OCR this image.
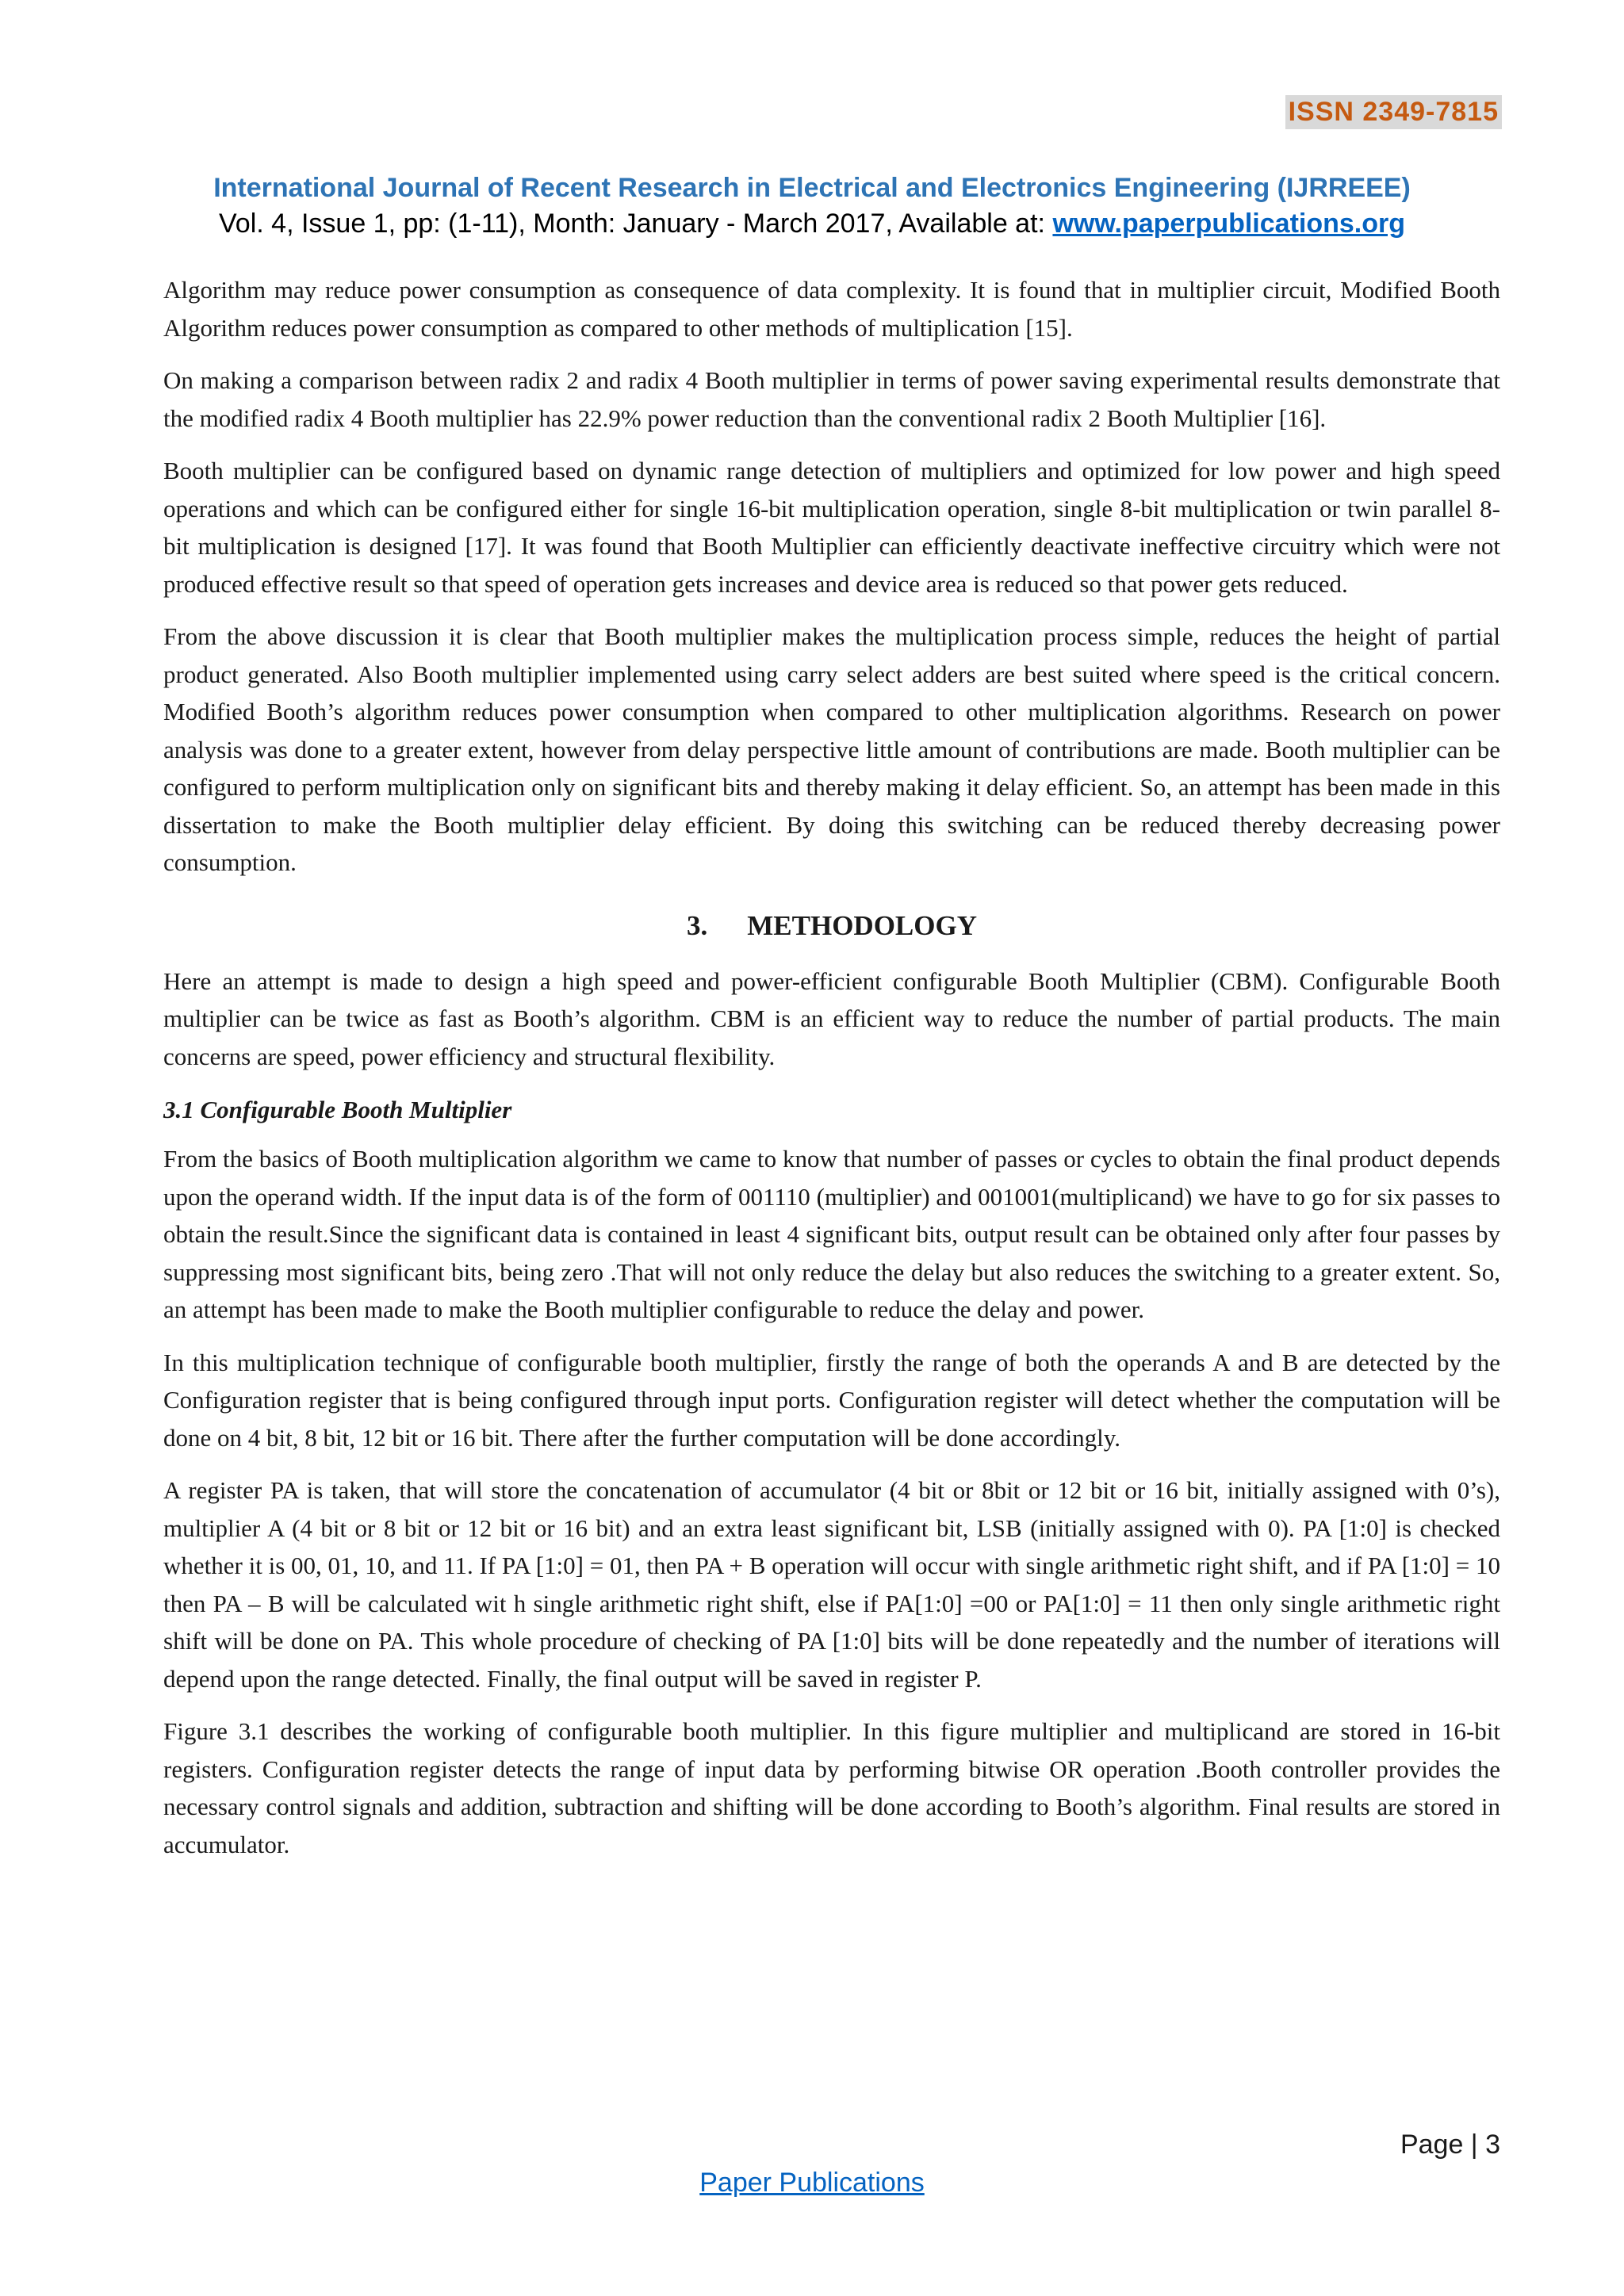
ISSN 2349-7815
International Journal of Recent Research in Electrical and Electronics Engineering (IJRREEE)
Vol. 4, Issue 1, pp: (1-11), Month: January - March 2017, Available at: www.paperpublications.org

Algorithm may reduce power consumption as consequence of data complexity. It is found that in multiplier circuit, Modified Booth Algorithm reduces power consumption as compared to other methods of multiplication [15].

On making a comparison between radix 2 and radix 4 Booth multiplier in terms of power saving experimental results demonstrate that the modified radix 4 Booth multiplier has 22.9% power reduction than the conventional radix 2 Booth Multiplier [16].

Booth multiplier can be configured based on dynamic range detection of multipliers and optimized for low power and high speed operations and which can be configured either for single 16-bit multiplication operation, single 8-bit multiplication or twin parallel 8-bit multiplication is designed [17]. It was found that Booth Multiplier can efficiently deactivate ineffective circuitry which were not produced effective result so that speed of operation gets increases and device area is reduced so that power gets reduced.

From the above discussion it is clear that Booth multiplier makes the multiplication process simple, reduces the height of partial product generated. Also Booth multiplier implemented using carry select adders are best suited where speed is the critical concern. Modified Booth’s algorithm reduces power consumption when compared to other multiplication algorithms. Research on power analysis was done to a greater extent, however from delay perspective little amount of contributions are made. Booth multiplier can be configured to perform multiplication only on significant bits and thereby making it delay efficient. So, an attempt has been made in this dissertation to make the Booth multiplier delay efficient. By doing this switching can be reduced thereby decreasing power consumption.

3. METHODOLOGY

Here an attempt is made to design a high speed and power-efficient configurable Booth Multiplier (CBM). Configurable Booth multiplier can be twice as fast as Booth’s algorithm. CBM is an efficient way to reduce the number of partial products. The main concerns are speed, power efficiency and structural flexibility.

3.1 Configurable Booth Multiplier

From the basics of Booth multiplication algorithm we came to know that number of passes or cycles to obtain the final product depends upon the operand width. If the input data is of the form of 001110 (multiplier) and 001001(multiplicand) we have to go for six passes to obtain the result.Since the significant data is contained in least 4 significant bits, output result can be obtained only after four passes by suppressing most significant bits, being zero .That will not only reduce the delay but also reduces the switching to a greater extent. So, an attempt has been made to make the Booth multiplier configurable to reduce the delay and power.

In this multiplication technique of configurable booth multiplier, firstly the range of both the operands A and B are detected by the Configuration register that is being configured through input ports. Configuration register will detect whether the computation will be done on 4 bit, 8 bit, 12 bit or 16 bit. There after the further computation will be done accordingly.

A register PA is taken, that will store the concatenation of accumulator (4 bit or 8bit or 12 bit or 16 bit, initially assigned with 0’s), multiplier A (4 bit or 8 bit or 12 bit or 16 bit) and an extra least significant bit, LSB (initially assigned with 0). PA [1:0] is checked whether it is 00, 01, 10, and 11. If PA [1:0] = 01, then PA + B operation will occur with single arithmetic right shift, and if PA [1:0] = 10 then PA – B will be calculated wit h single arithmetic right shift, else if PA[1:0] =00 or PA[1:0] = 11 then only single arithmetic right shift will be done on PA. This whole procedure of checking of PA [1:0] bits will be done repeatedly and the number of iterations will depend upon the range detected. Finally, the final output will be saved in register P.

Figure 3.1 describes the working of configurable booth multiplier. In this figure multiplier and multiplicand are stored in 16-bit registers. Configuration register detects the range of input data by performing bitwise OR operation .Booth controller provides the necessary control signals and addition, subtraction and shifting will be done according to Booth’s algorithm. Final results are stored in accumulator.

Page | 3
Paper Publications
